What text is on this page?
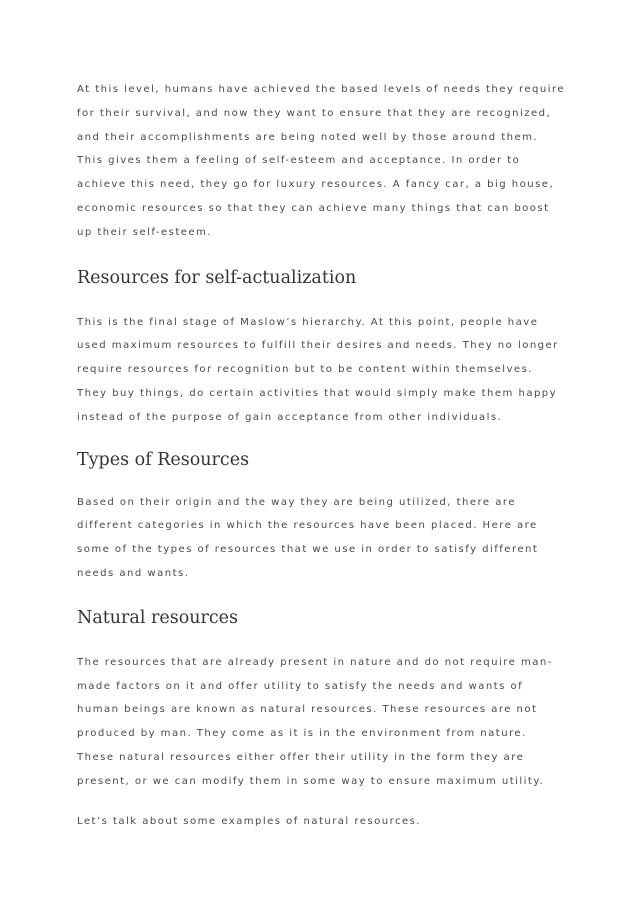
At this level, humans have achieved the based levels of needs they require
for their survival, and now they want to ensure that they are recognized,
and their accomplishments are being noted well by those around them.
This gives them a feeling of self-esteem and acceptance. In order to
achieve this need, they go for luxury resources. A fancy car, a big house,
economic resources so that they can achieve many things that can boost
up their self-esteem.

Resources for self-actualization

This is the final stage of Maslow’s hierarchy. At this point, people have
used maximum resources to fulfill their desires and needs. They no longer
require resources for recognition but to be content within themselves.
They buy things, do certain activities that would simply make them happy
instead of the purpose of gain acceptance from other individuals.

Types of Resources

Based on their origin and the way they are being utilized, there are
different categories in which the resources have been placed. Here are
some of the types of resources that we use in order to satisfy different
needs and wants.

Natural resources

The resources that are already present in nature and do not require man-
made factors on it and offer utility to satisfy the needs and wants of
human beings are known as natural resources. These resources are not
produced by man. They come as it is in the environment from nature.
These natural resources either offer their utility in the form they are
present, or we can modify them in some way to ensure maximum utility.

Let’s talk about some examples of natural resources.
